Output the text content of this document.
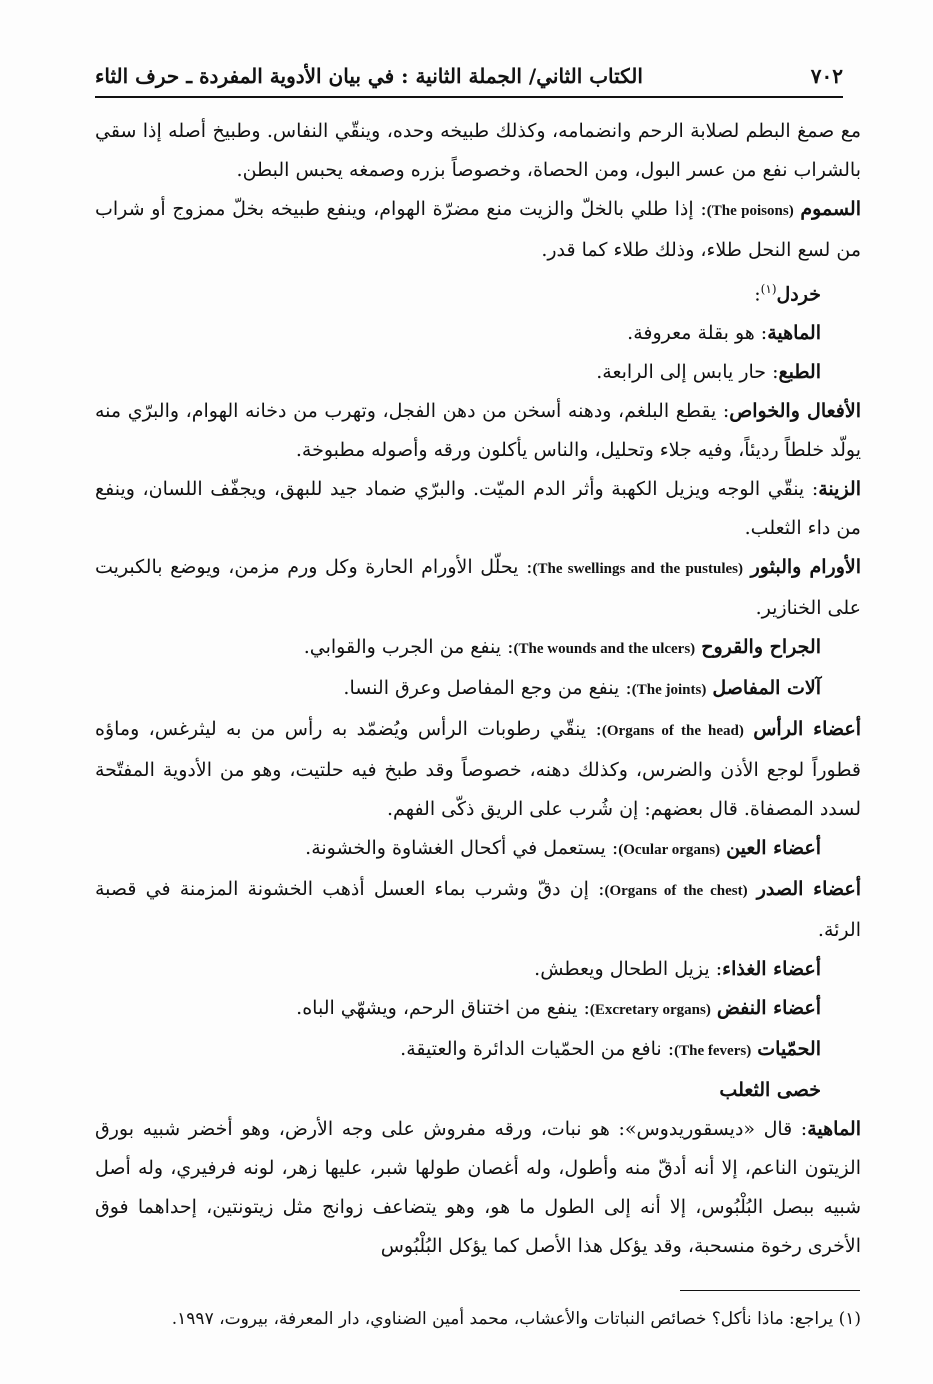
٧٠٢
الكتاب الثاني/ الجملة الثانية : في بيان الأدوية المفردة ـ حرف الثاء

مع صمغ البطم لصلابة الرحم وانضمامه، وكذلك طبيخه وحده، وينقّي النفاس. وطبيخ أصله إذا سقي بالشراب نفع من عسر البول، ومن الحصاة، وخصوصاً بزره وصمغه يحبس البطن.

السموم (The poisons): إذا طلي بالخلّ والزيت منع مضرّة الهوام، وينفع طبيخه بخلّ ممزوج أو شراب من لسع النحل طلاء، وذلك طلاء كما قدر.

خردل$^{(١)}$:

الماهية: هو بقلة معروفة.

الطبع: حار يابس إلى الرابعة.

الأفعال والخواص: يقطع البلغم، ودهنه أسخن من دهن الفجل، وتهرب من دخانه الهوام، والبرّي منه يولّد خلطاً رديئاً، وفيه جلاء وتحليل، والناس يأكلون ورقه وأصوله مطبوخة.

الزينة: ينقّي الوجه ويزيل الكهبة وأثر الدم الميّت. والبرّي ضماد جيد للبهق، ويجفّف اللسان، وينفع من داء الثعلب.

الأورام والبثور (The swellings and the pustules): يحلّل الأورام الحارة وكل ورم مزمن، ويوضع بالكبريت على الخنازير.

الجراح والقروح (The wounds and the ulcers): ينفع من الجرب والقوابي.

آلات المفاصل (The joints): ينفع من وجع المفاصل وعرق النسا.

أعضاء الرأس (Organs of the head): ينقّي رطوبات الرأس ويُضمّد به رأس من به ليثرغس، وماؤه قطوراً لوجع الأذن والضرس، وكذلك دهنه، خصوصاً وقد طبخ فيه حلتيت، وهو من الأدوية المفتّحة لسدد المصفاة. قال بعضهم: إن شُرب على الريق ذكّى الفهم.

أعضاء العين (Ocular organs): يستعمل في أكحال الغشاوة والخشونة.

أعضاء الصدر (Organs of the chest): إن دقّ وشرب بماء العسل أذهب الخشونة المزمنة في قصبة الرئة.

أعضاء الغذاء: يزيل الطحال ويعطش.

أعضاء النفض (Excretary organs): ينفع من اختناق الرحم، ويشهّي الباه.

الحمّيات (The fevers): نافع من الحمّيات الدائرة والعتيقة.

خصى الثعلب

الماهية: قال «ديسقوريدوس»: هو نبات، ورقه مفروش على وجه الأرض، وهو أخضر شبيه بورق الزيتون الناعم، إلا أنه أدقّ منه وأطول، وله أغصان طولها شبر، عليها زهر، لونه فرفيري، وله أصل شبيه ببصل البُلْبُوس، إلا أنه إلى الطول ما هو، وهو يتضاعف زوانج مثل زيتونتين، إحداهما فوق الأخرى رخوة منسحبة، وقد يؤكل هذا الأصل كما يؤكل البُلْبُوس

(١) يراجع: ماذا نأكل؟ خصائص النباتات والأعشاب، محمد أمين الضناوي، دار المعرفة، بيروت، ١٩٩٧.
